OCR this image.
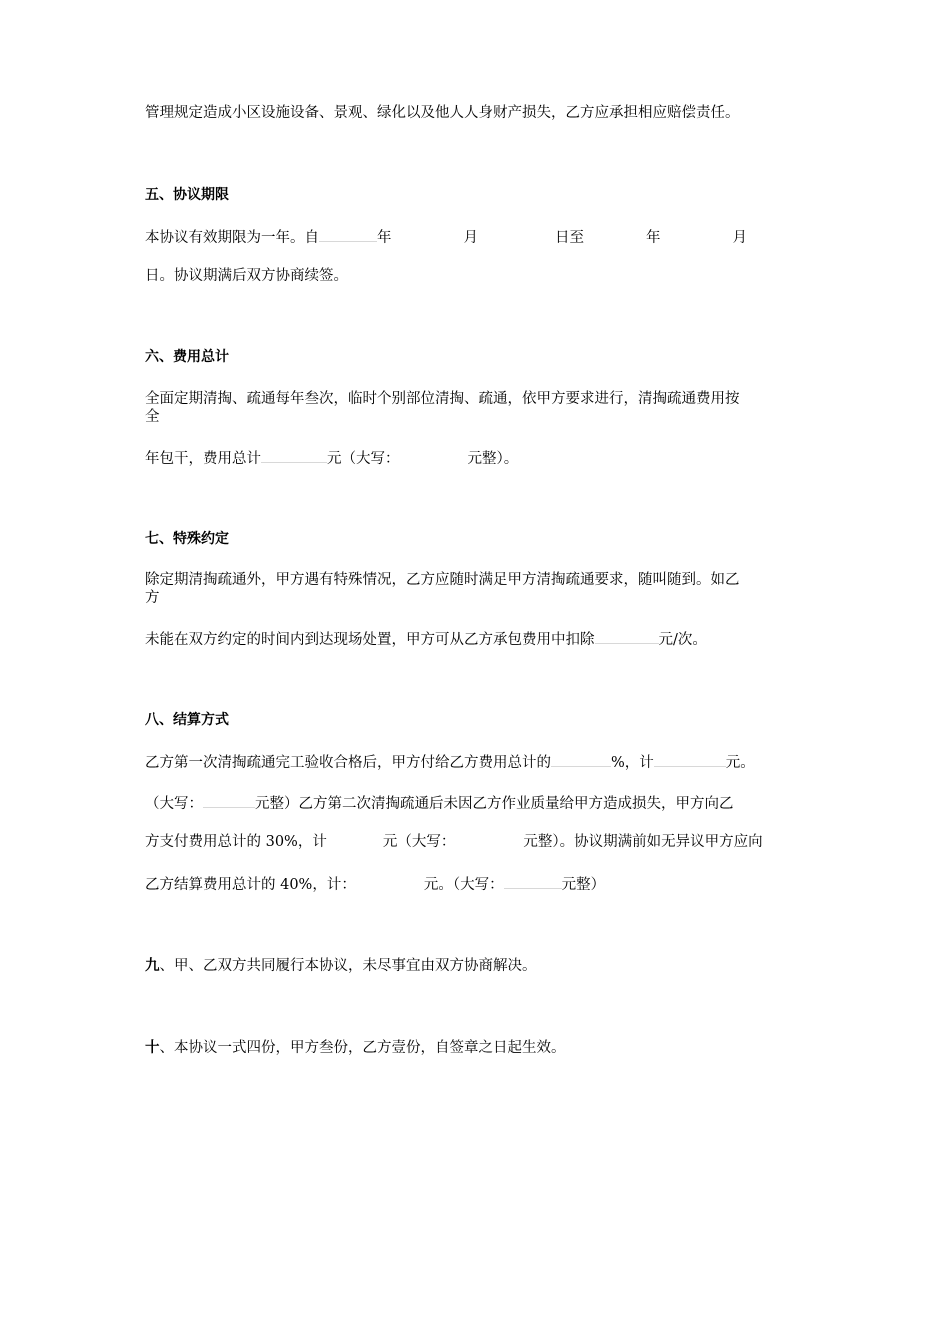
管理规定造成小区设施设备、景观、绿化以及他人人身财产损失，乙方应承担相应赔偿责任。
五、协议期限
本协议有效期限为一年。自	年	月	日至	年	月
日。协议期满后双方协商续签。
六、费用总计
全面定期清掏、疏通每年叁次，临时个别部位清掏、疏通，依甲方要求进行，清掏疏通费用按
全
年包干，费用总计	元（大写：	元整）。
七、特殊约定
除定期清掏疏通外，甲方遇有特殊情况，乙方应随时满足甲方清掏疏通要求，随叫随到。如乙
方
未能在双方约定的时间内到达现场处置，甲方可从乙方承包费用中扣除	元/次。
八、结算方式
乙方第一次清掏疏通完工验收合格后，甲方付给乙方费用总计的	%，计	元。
（大写：	元整）乙方第二次清掏疏通后未因乙方作业质量给甲方造成损失，甲方向乙
方支付费用总计的 30%，计	元（大写：	元整）。协议期满前如无异议甲方应向
乙方结算费用总计的 40%，计：	元。（大写：	元整）
九、甲、乙双方共同履行本协议，未尽事宜由双方协商解决。
十、本协议一式四份，甲方叁份，乙方壹份，自签章之日起生效。
